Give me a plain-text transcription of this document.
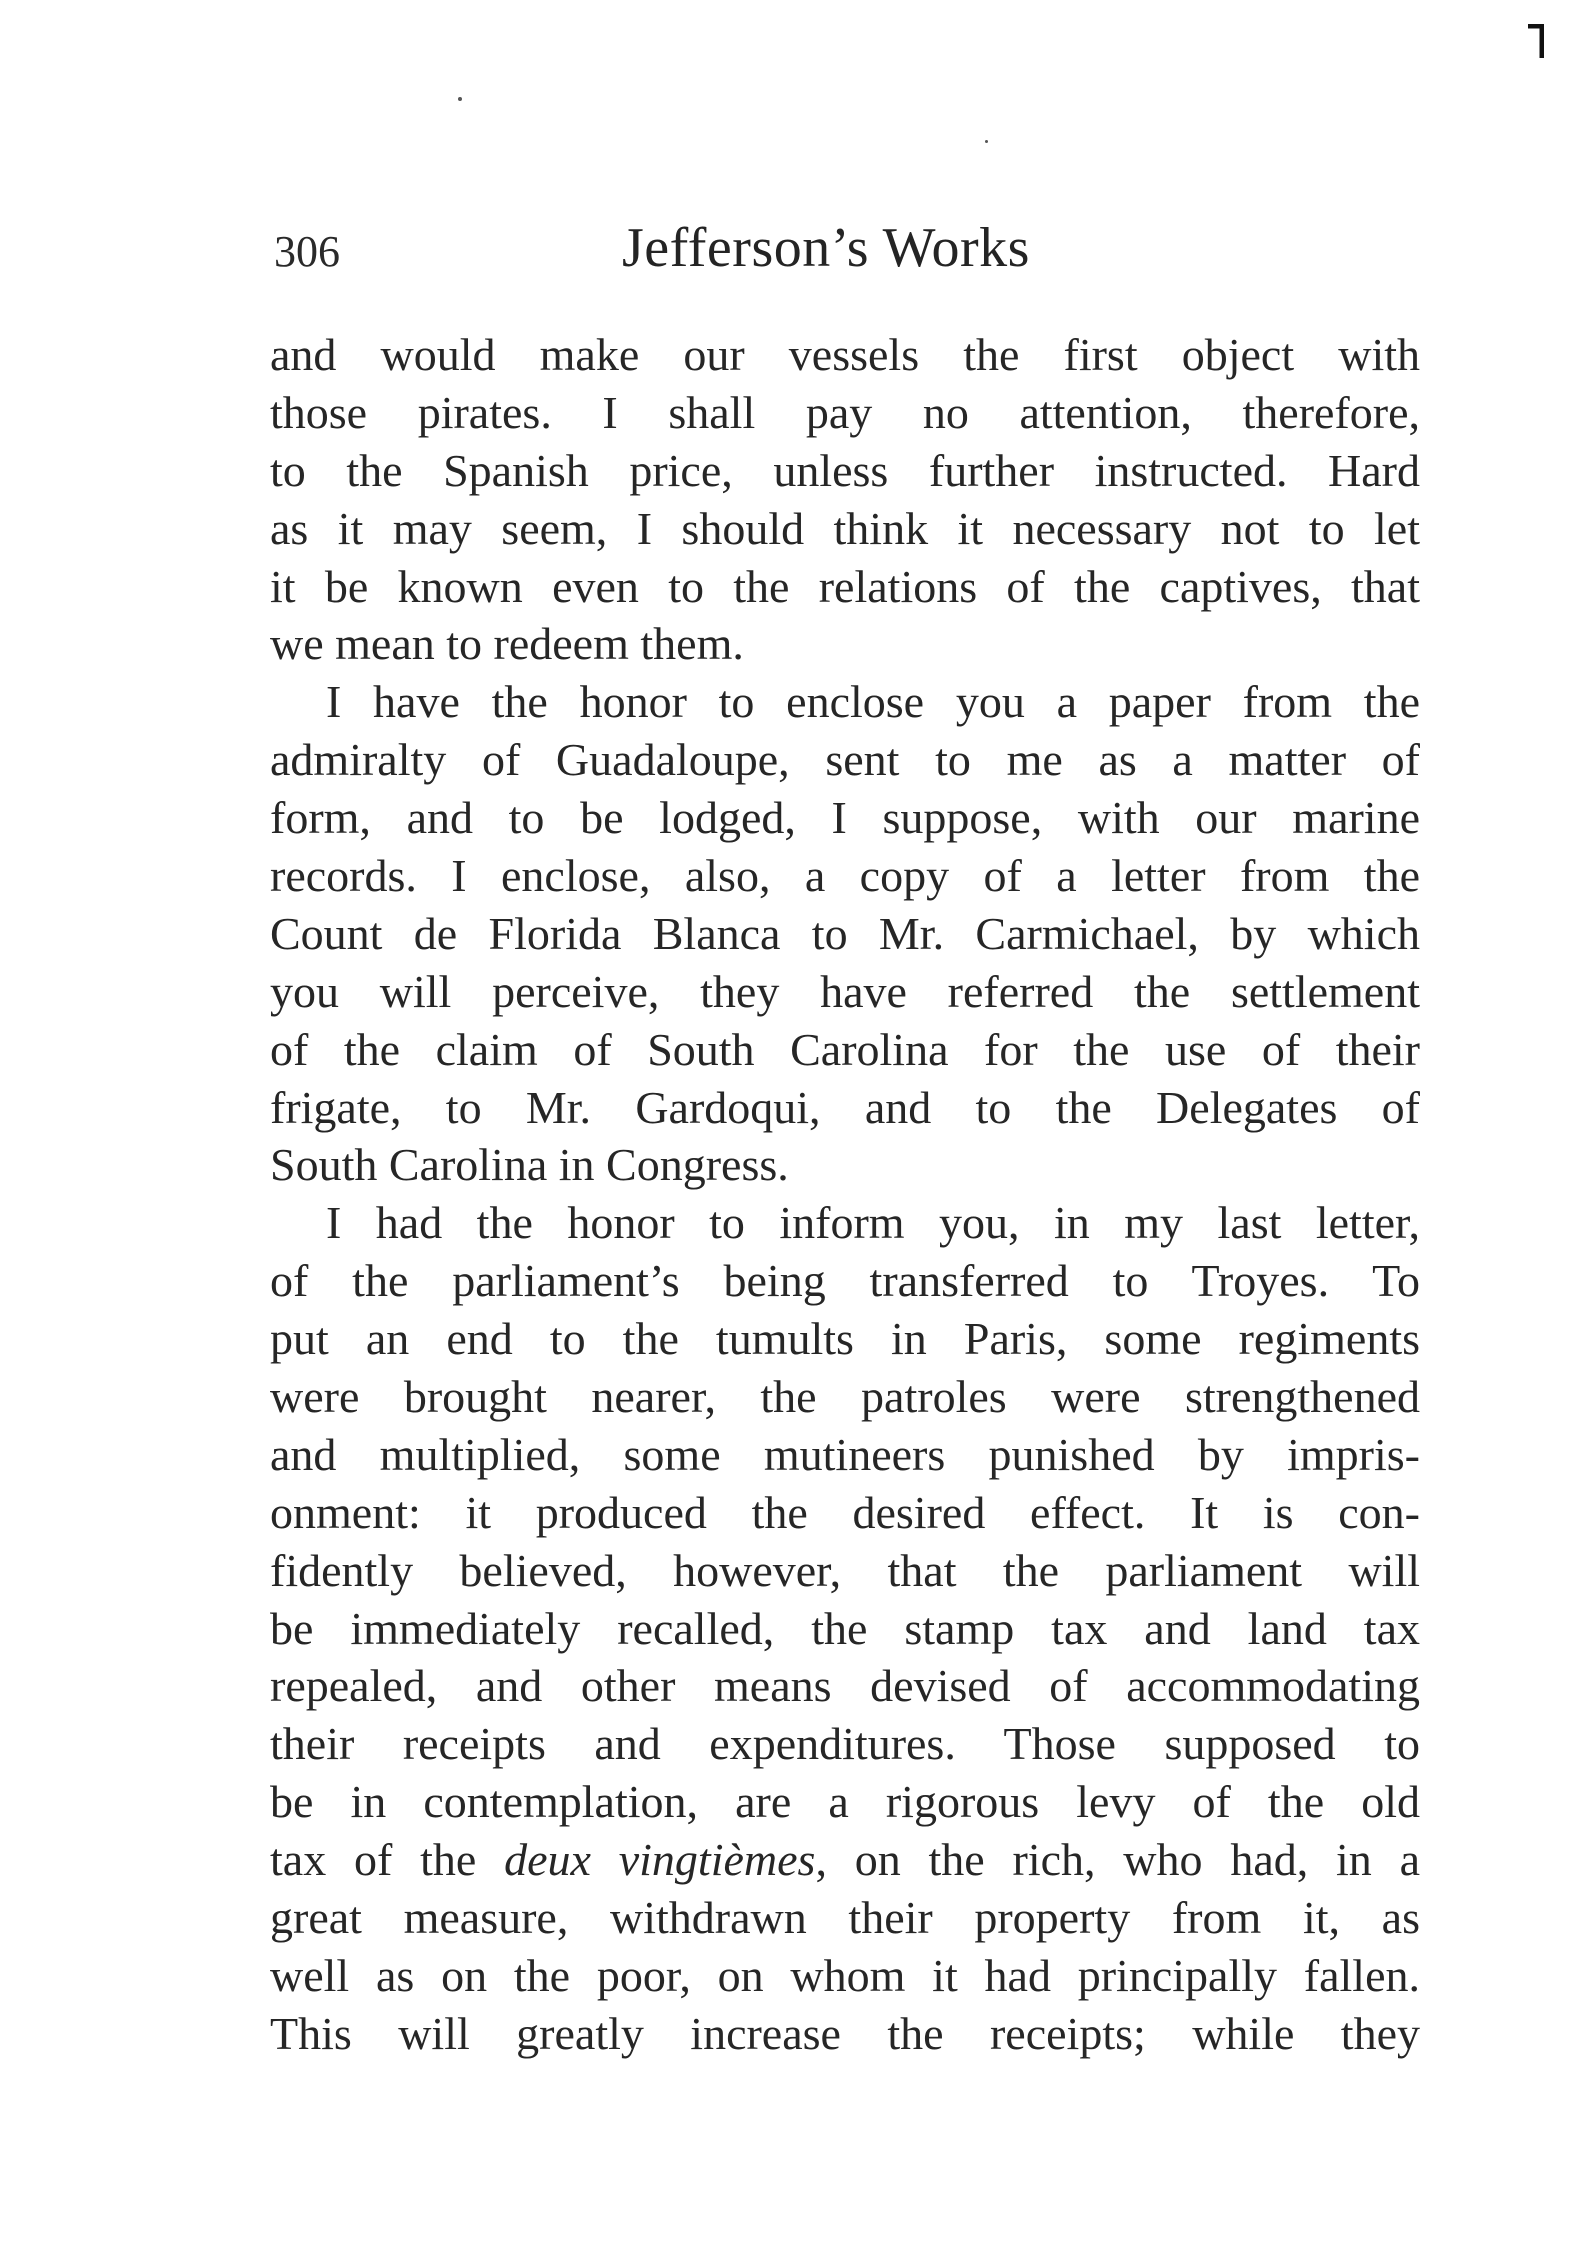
306	Jefferson’s Works
and would make our vessels the first object with
those pirates. I shall pay no attention, therefore,
to the Spanish price, unless further instructed. Hard
as it may seem, I should think it necessary not to let
it be known even to the relations of the captives, that
we mean to redeem them.
I have the honor to enclose you a paper from the
admiralty of Guadaloupe, sent to me as a matter of
form, and to be lodged, I suppose, with our marine
records. I enclose, also, a copy of a letter from the
Count de Florida Blanca to Mr. Carmichael, by which
you will perceive, they have referred the settlement
of the claim of South Carolina for the use of their
frigate, to Mr. Gardoqui, and to the Delegates of
South Carolina in Congress.
I had the honor to inform you, in my last letter,
of the parliament’s being transferred to Troyes. To
put an end to the tumults in Paris, some regiments
were brought nearer, the patroles were strengthened
and multiplied, some mutineers punished by impris-
onment: it produced the desired effect. It is con-
fidently believed, however, that the parliament will
be immediately recalled, the stamp tax and land tax
repealed, and other means devised of accommodating
their receipts and expenditures. Those supposed to
be in contemplation, are a rigorous levy of the old
tax of the deux vingtièmes, on the rich, who had, in a
great measure, withdrawn their property from it, as
well as on the poor, on whom it had principally fallen.
This will greatly increase the receipts; while they
